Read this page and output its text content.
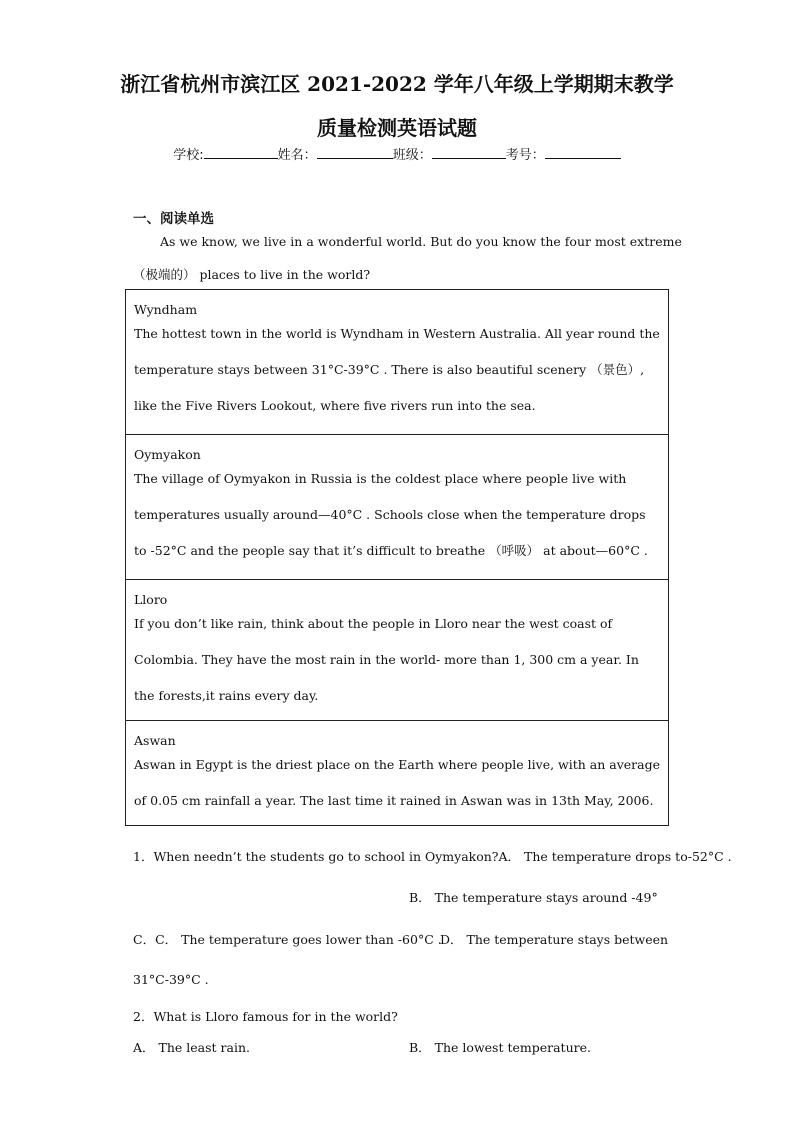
浙江省杭州市滨江区 2021-2022 学年八年级上学期期末教学
质量检测英语试题
学校:	姓名：	班级：	考号：
一、阅读单选

As we know, we live in a wonderful world. But do you know the four most extreme

（极端的） places to live in the world?

Wyndham
The hottest town in the world is Wyndham in Western Australia. All year round the temperature stays between 31°C-39°C . There is also beautiful scenery （景色）, like the Five Rivers Lookout, where five rivers run into the sea.

Oymyakon
The village of Oymyakon in Russia is the coldest place where people live with temperatures usually around—40°C . Schools close when the temperature drops to -52°C and the people say that it’s difficult to breathe （呼吸） at about—60°C .

Lloro
If you don’t like rain, think about the people in Lloro near the west coast of Colombia. They have the most rain in the world- more than 1, 300 cm a year. In the forests,it rains every day.

Aswan
Aswan in Egypt is the driest place on the Earth where people live, with an average of 0.05 cm rainfall a year. The last time it rained in Aswan was in 13th May, 2006.

1．When needn’t the students go to school in Oymyakon?A． The temperature drops to-52°C .

B． The temperature stays around -49°

C．C． The temperature goes lower than -60°C .

D． The temperature stays between

31°C-39°C .

2．What is Lloro famous for in the world?

A． The least rain.	B． The lowest temperature.
